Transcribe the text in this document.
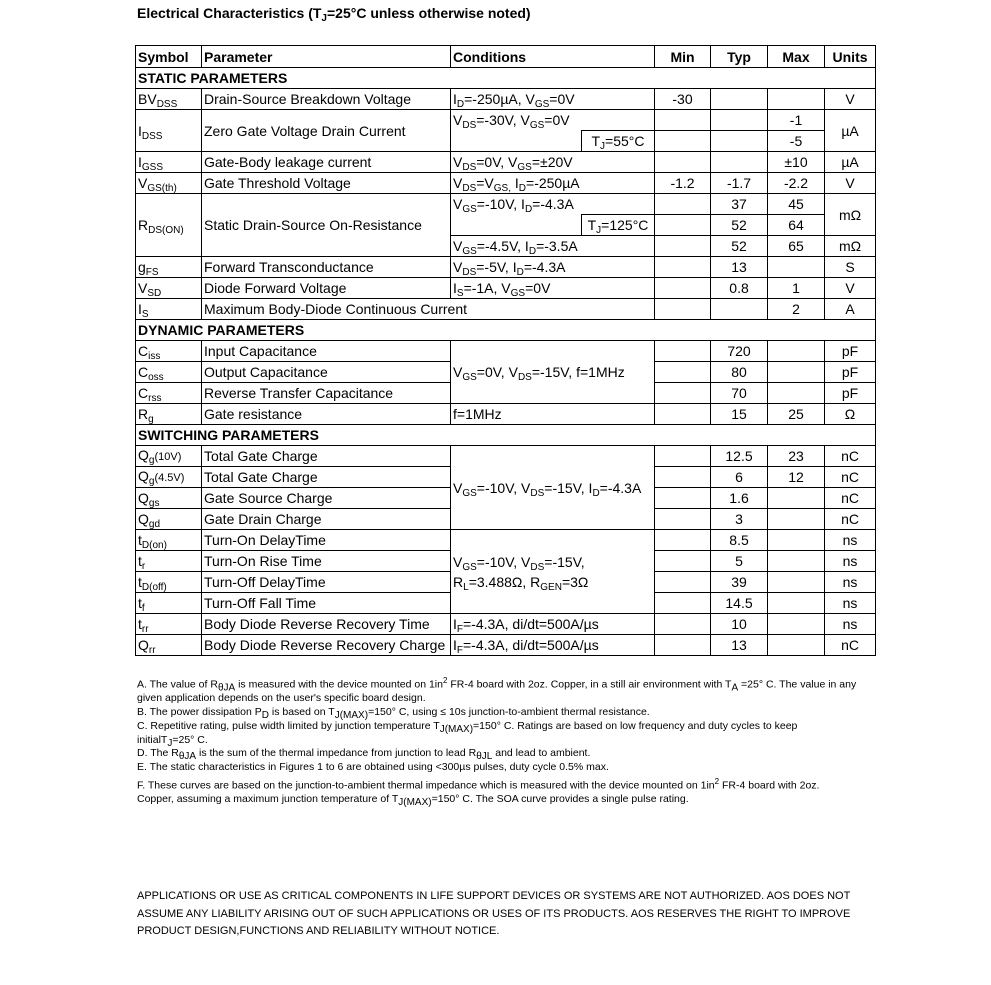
Electrical Characteristics ($T_J=25^\circ C$ unless otherwise noted)
Symbol	Parameter	Conditions		Min	Typ	Max	Units
STATIC PARAMETERS							
$BV_{DSS}$	Drain-Source Breakdown Voltage	$I_D=-250\mu A$, $V_{GS}=0V$		-30			V
$I_{DSS}$	Zero Gate Voltage Drain Current	$V_{DS}=-30V$, $V_{GS}=0V$				-1	µA
			$T_J=55^\circ C$			-5	
$I_{GSS}$	Gate-Body leakage current	$V_{DS}=0V$, $V_{GS}=\pm 20V$				±10	µA
$V_{GS(th)}$	Gate Threshold Voltage	$V_{DS}=V_{GS,}$ $I_D=-250\mu A$		-1.2	-1.7	-2.2	V
$R_{DS(ON)}$	Static Drain-Source On-Resistance	$V_{GS}=-10V$, $I_D=-4.3A$			37	45	mΩ
			$T_J=125^\circ C$		52	64	
		$V_{GS}=-4.5V$, $I_D=-3.5A$			52	65	mΩ
$g_{FS}$	Forward Transconductance	$V_{DS}=-5V$, $I_D=-4.3A$			13		S
$V_{SD}$	Diode Forward Voltage	$I_S=-1A$, $V_{GS}=0V$			0.8	1	V
$I_S$	Maximum Body-Diode Continuous Current					2	A
DYNAMIC PARAMETERS							
$C_{iss}$	Input Capacitance	$V_{GS}=0V$, $V_{DS}=-15V$, f=1MHz			720		pF
$C_{oss}$	Output Capacitance				80		pF
$C_{rss}$	Reverse Transfer Capacitance				70		pF
$R_g$	Gate resistance	f=1MHz			15	25	Ω
SWITCHING PARAMETERS							
$Q_g(10V)$	Total Gate Charge	$V_{GS}=-10V$, $V_{DS}=-15V$, $I_D=-4.3A$			12.5	23	nC
$Q_g(4.5V)$	Total Gate Charge				6	12	nC
$Q_{gs}$	Gate Source Charge				1.6		nC
$Q_{gd}$	Gate Drain Charge				3		nC
$t_{D(on)}$	Turn-On DelayTime	$V_{GS}=-10V$, $V_{DS}=-15V$,
$R_L=3.488\Omega$, $R_{GEN}=3\Omega$			8.5		ns
$t_r$	Turn-On Rise Time				5		ns
$t_{D(off)}$	Turn-Off DelayTime				39		ns
$t_f$	Turn-Off Fall Time				14.5		ns
$t_{rr}$	Body Diode Reverse Recovery Time	$I_F=-4.3A$, di/dt=500A/µs			10		ns
$Q_{rr}$	Body Diode Reverse Recovery Charge	$I_F=-4.3A$, di/dt=500A/µs			13		nC

A. The value of $R_{\theta JA}$ is measured with the device mounted on $1in^2$ FR-4 board with 2oz. Copper, in a still air environment with $T_A =25^\circ$ C. The value in any given application depends on the user's specific board design.

B. The power dissipation $P_D$ is based on $T_{J(MAX)}=150^\circ$ C, using ≤ 10s junction-to-ambient thermal resistance.

C. Repetitive rating, pulse width limited by junction temperature $T_{J(MAX)}=150^\circ$ C. Ratings are based on low frequency and duty cycles to keep initialT$_J$=25° C.

D. The $R_{\theta JA}$ is the sum of the thermal impedance from junction to lead $R_{\theta JL}$ and lead to ambient.

E. The static characteristics in Figures 1 to 6 are obtained using <300µs pulses, duty cycle 0.5% max.

F. These curves are based on the junction-to-ambient thermal impedance which is measured with the device mounted on $1in^2$ FR-4 board with 2oz. Copper, assuming a maximum junction temperature of $T_{J(MAX)}=150^\circ$ C. The SOA curve provides a single pulse rating.

APPLICATIONS OR USE AS CRITICAL COMPONENTS IN LIFE SUPPORT DEVICES OR SYSTEMS ARE NOT AUTHORIZED. AOS DOES NOT

ASSUME ANY LIABILITY ARISING OUT OF SUCH APPLICATIONS OR USES OF ITS PRODUCTS. AOS RESERVES THE RIGHT TO IMPROVE

PRODUCT DESIGN,FUNCTIONS AND RELIABILITY WITHOUT NOTICE.
